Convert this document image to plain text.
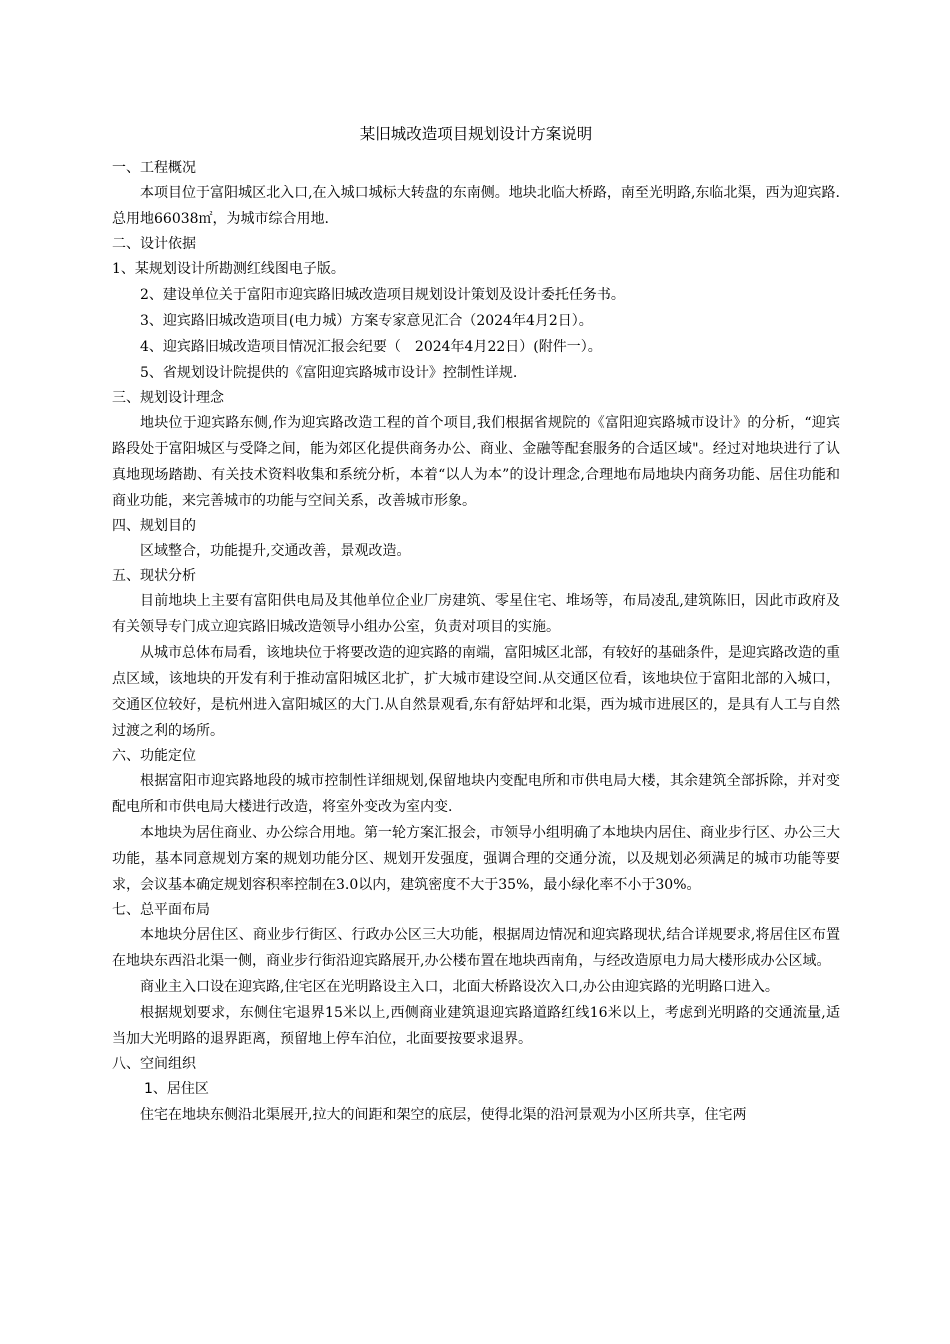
某旧城改造项目规划设计方案说明
一、工程概况
本项目位于富阳城区北入口,在入城口城标大转盘的东南侧。地块北临大桥路，南至光明路,东临北渠，西为迎宾路.总用地66038㎡，为城市综合用地.
二、设计依据
1、某规划设计所勘测红线图电子版。
2、建设单位关于富阳市迎宾路旧城改造项目规划设计策划及设计委托任务书。
3、迎宾路旧城改造项目(电力城）方案专家意见汇合（2024年4月2日）。
4、迎宾路旧城改造项目情况汇报会纪要（　2024年4月22日）(附件一）。
5、省规划设计院提供的《富阳迎宾路城市设计》控制性详规.
三、规划设计理念
地块位于迎宾路东侧,作为迎宾路改造工程的首个项目,我们根据省规院的《富阳迎宾路城市设计》的分析，“迎宾路段处于富阳城区与受降之间，能为郊区化提供商务办公、商业、金融等配套服务的合适区域"。经过对地块进行了认真地现场踏勘、有关技术资料收集和系统分析，本着“以人为本”的设计理念,合理地布局地块内商务功能、居住功能和商业功能，来完善城市的功能与空间关系，改善城市形象。
四、规划目的
区域整合，功能提升,交通改善，景观改造。
五、现状分析
目前地块上主要有富阳供电局及其他单位企业厂房建筑、零星住宅、堆场等，布局凌乱,建筑陈旧，因此市政府及有关领导专门成立迎宾路旧城改造领导小组办公室，负责对项目的实施。
从城市总体布局看，该地块位于将要改造的迎宾路的南端，富阳城区北部，有较好的基础条件，是迎宾路改造的重点区域，该地块的开发有利于推动富阳城区北扩，扩大城市建设空间.从交通区位看，该地块位于富阳北部的入城口，交通区位较好，是杭州进入富阳城区的大门.从自然景观看,东有舒姑坪和北渠，西为城市进展区的，是具有人工与自然过渡之利的场所。
六、功能定位
根据富阳市迎宾路地段的城市控制性详细规划,保留地块内变配电所和市供电局大楼，其余建筑全部拆除，并对变配电所和市供电局大楼进行改造，将室外变改为室内变.
本地块为居住商业、办公综合用地。第一轮方案汇报会，市领导小组明确了本地块内居住、商业步行区、办公三大功能，基本同意规划方案的规划功能分区、规划开发强度，强调合理的交通分流，以及规划必须满足的城市功能等要求，会议基本确定规划容积率控制在3.0以内，建筑密度不大于35%，最小绿化率不小于30%。
七、总平面布局
本地块分居住区、商业步行街区、行政办公区三大功能，根据周边情况和迎宾路现状,结合详规要求,将居住区布置在地块东西沿北渠一侧，商业步行街沿迎宾路展开,办公楼布置在地块西南角，与经改造原电力局大楼形成办公区域。
商业主入口设在迎宾路,住宅区在光明路设主入口，北面大桥路设次入口,办公由迎宾路的光明路口进入。
根据规划要求，东侧住宅退界15米以上,西侧商业建筑退迎宾路道路红线16米以上，考虑到光明路的交通流量,适当加大光明路的退界距离，预留地上停车泊位，北面要按要求退界。
八、空间组织
1、居住区
住宅在地块东侧沿北渠展开,拉大的间距和架空的底层，使得北渠的沿河景观为小区所共享，住宅两
